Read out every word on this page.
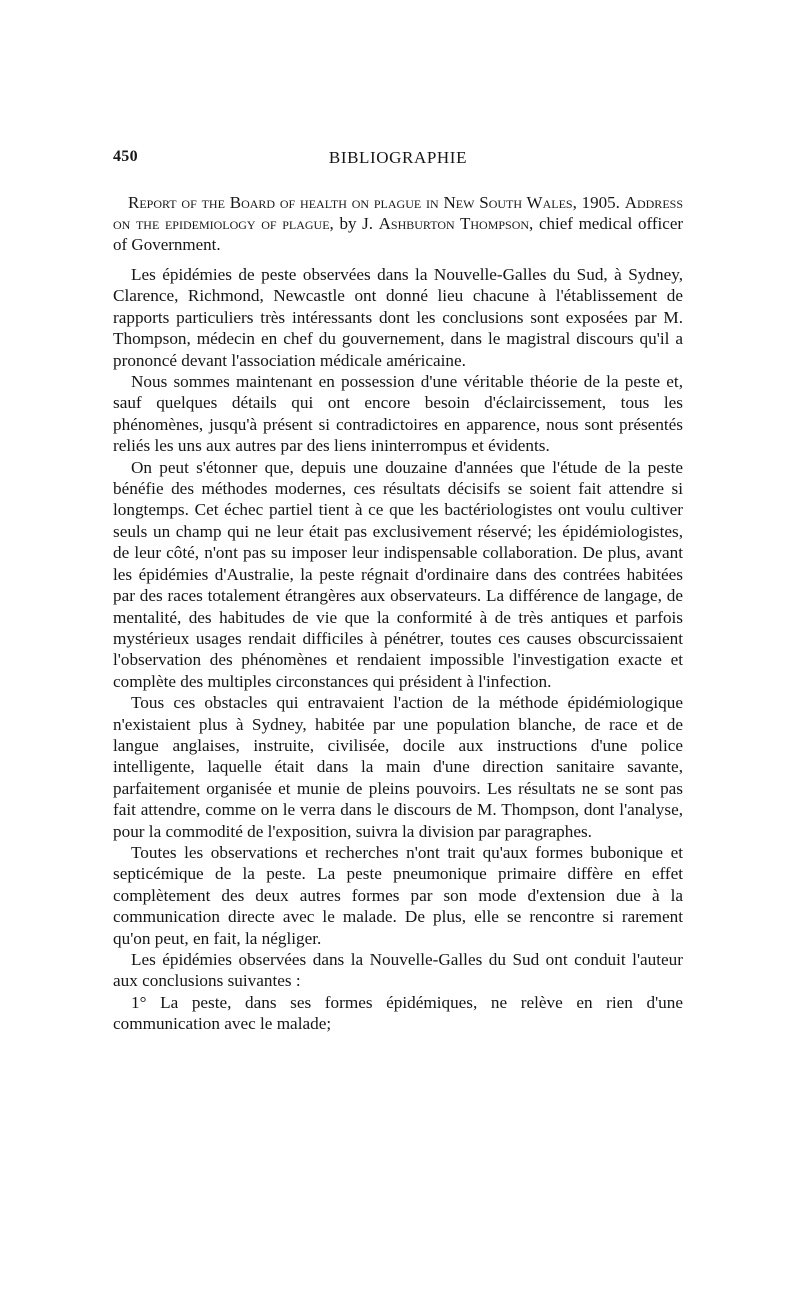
450	BIBLIOGRAPHIE
Report of the Board of health on plague in New South Wales, 1905. Address on the epidemiology of plague, by J. Ashburton Thompson, chief medical officer of Government.

Les épidémies de peste observées dans la Nouvelle-Galles du Sud, à Sydney, Clarence, Richmond, Newcastle ont donné lieu chacune à l'établissement de rapports particuliers très intéressants dont les conclusions sont exposées par M. Thompson, médecin en chef du gouvernement, dans le magistral discours qu'il a prononcé devant l'association médicale américaine.

Nous sommes maintenant en possession d'une véritable théorie de la peste et, sauf quelques détails qui ont encore besoin d'éclaircissement, tous les phénomènes, jusqu'à présent si contradictoires en apparence, nous sont présentés reliés les uns aux autres par des liens ininterrompus et évidents.

On peut s'étonner que, depuis une douzaine d'années que l'étude de la peste bénéfie des méthodes modernes, ces résultats décisifs se soient fait attendre si longtemps. Cet échec partiel tient à ce que les bactériologistes ont voulu cultiver seuls un champ qui ne leur était pas exclusivement réservé; les épidémiologistes, de leur côté, n'ont pas su imposer leur indispensable collaboration. De plus, avant les épidémies d'Australie, la peste régnait d'ordinaire dans des contrées habitées par des races totalement étrangères aux observateurs. La différence de langage, de mentalité, des habitudes de vie que la conformité à de très antiques et parfois mystérieux usages rendait difficiles à pénétrer, toutes ces causes obscurcissaient l'observation des phénomènes et rendaient impossible l'investigation exacte et complète des multiples circonstances qui président à l'infection.

Tous ces obstacles qui entravaient l'action de la méthode épidémiologique n'existaient plus à Sydney, habitée par une population blanche, de race et de langue anglaises, instruite, civilisée, docile aux instructions d'une police intelligente, laquelle était dans la main d'une direction sanitaire savante, parfaitement organisée et munie de pleins pouvoirs. Les résultats ne se sont pas fait attendre, comme on le verra dans le discours de M. Thompson, dont l'analyse, pour la commodité de l'exposition, suivra la division par paragraphes.

Toutes les observations et recherches n'ont trait qu'aux formes bubonique et septicémique de la peste. La peste pneumonique primaire diffère en effet complètement des deux autres formes par son mode d'extension due à la communication directe avec le malade. De plus, elle se rencontre si rarement qu'on peut, en fait, la négliger.

Les épidémies observées dans la Nouvelle-Galles du Sud ont conduit l'auteur aux conclusions suivantes :

1° La peste, dans ses formes épidémiques, ne relève en rien d'une communication avec le malade;
